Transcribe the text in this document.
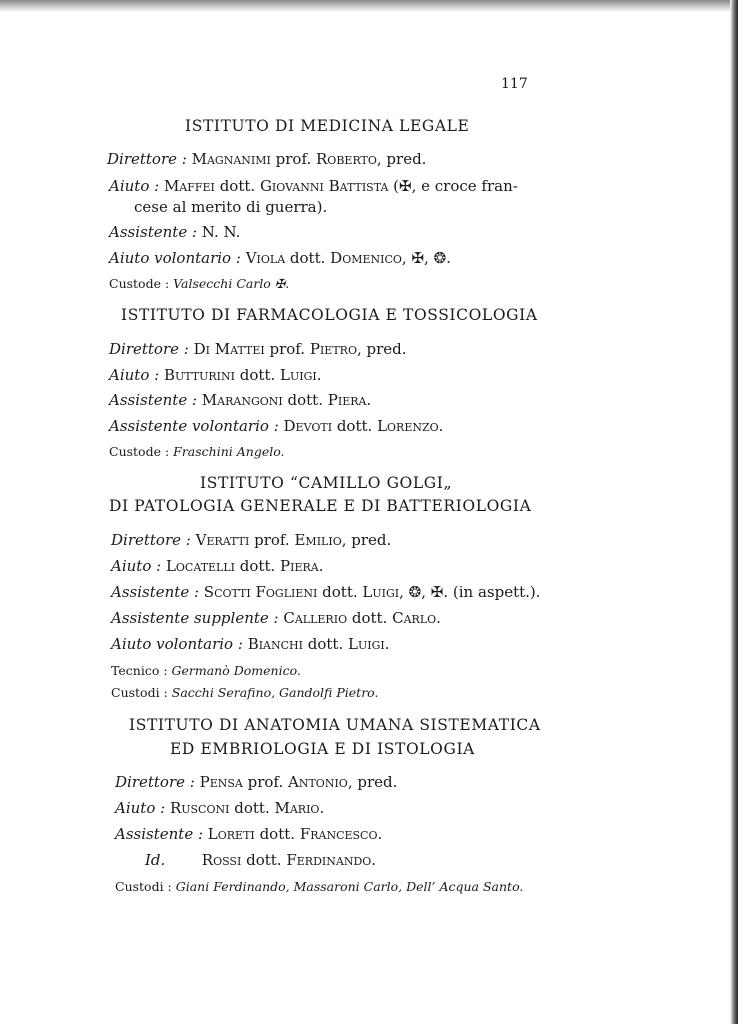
117
ISTITUTO DI MEDICINA LEGALE
Direttore : Magnanimi prof. Roberto, pred.
Aiuto : Maffei dott. Giovanni Battista (✠, e croce fran-
cese al merito di guerra).
Assistente : N. N.
Aiuto volontario : Viola dott. Domenico, ✠, ❂.
Custode : Valsecchi Carlo ✠.
ISTITUTO DI FARMACOLOGIA E TOSSICOLOGIA
Direttore : Di Mattei prof. Pietro, pred.
Aiuto : Butturini dott. Luigi.
Assistente : Marangoni dott. Piera.
Assistente volontario : Devoti dott. Lorenzo.
Custode : Fraschini Angelo.
ISTITUTO “CAMILLO GOLGI„
DI PATOLOGIA GENERALE E DI BATTERIOLOGIA
Direttore : Veratti prof. Emilio, pred.
Aiuto : Locatelli dott. Piera.
Assistente : Scotti Foglieni dott. Luigi, ❂, ✠. (in aspett.).
Assistente supplente : Callerio dott. Carlo.
Aiuto volontario : Bianchi dott. Luigi.
Tecnico : Germanò Domenico.
Custodi : Sacchi Serafino, Gandolfi Pietro.
ISTITUTO DI ANATOMIA UMANA SISTEMATICA
ED EMBRIOLOGIA E DI ISTOLOGIA
Direttore : Pensa prof. Antonio, pred.
Aiuto : Rusconi dott. Mario.
Assistente : Loreti dott. Francesco.
Id. Rossi dott. Ferdinando.
Custodi : Giani Ferdinando, Massaroni Carlo, Dell’ Acqua Santo.
